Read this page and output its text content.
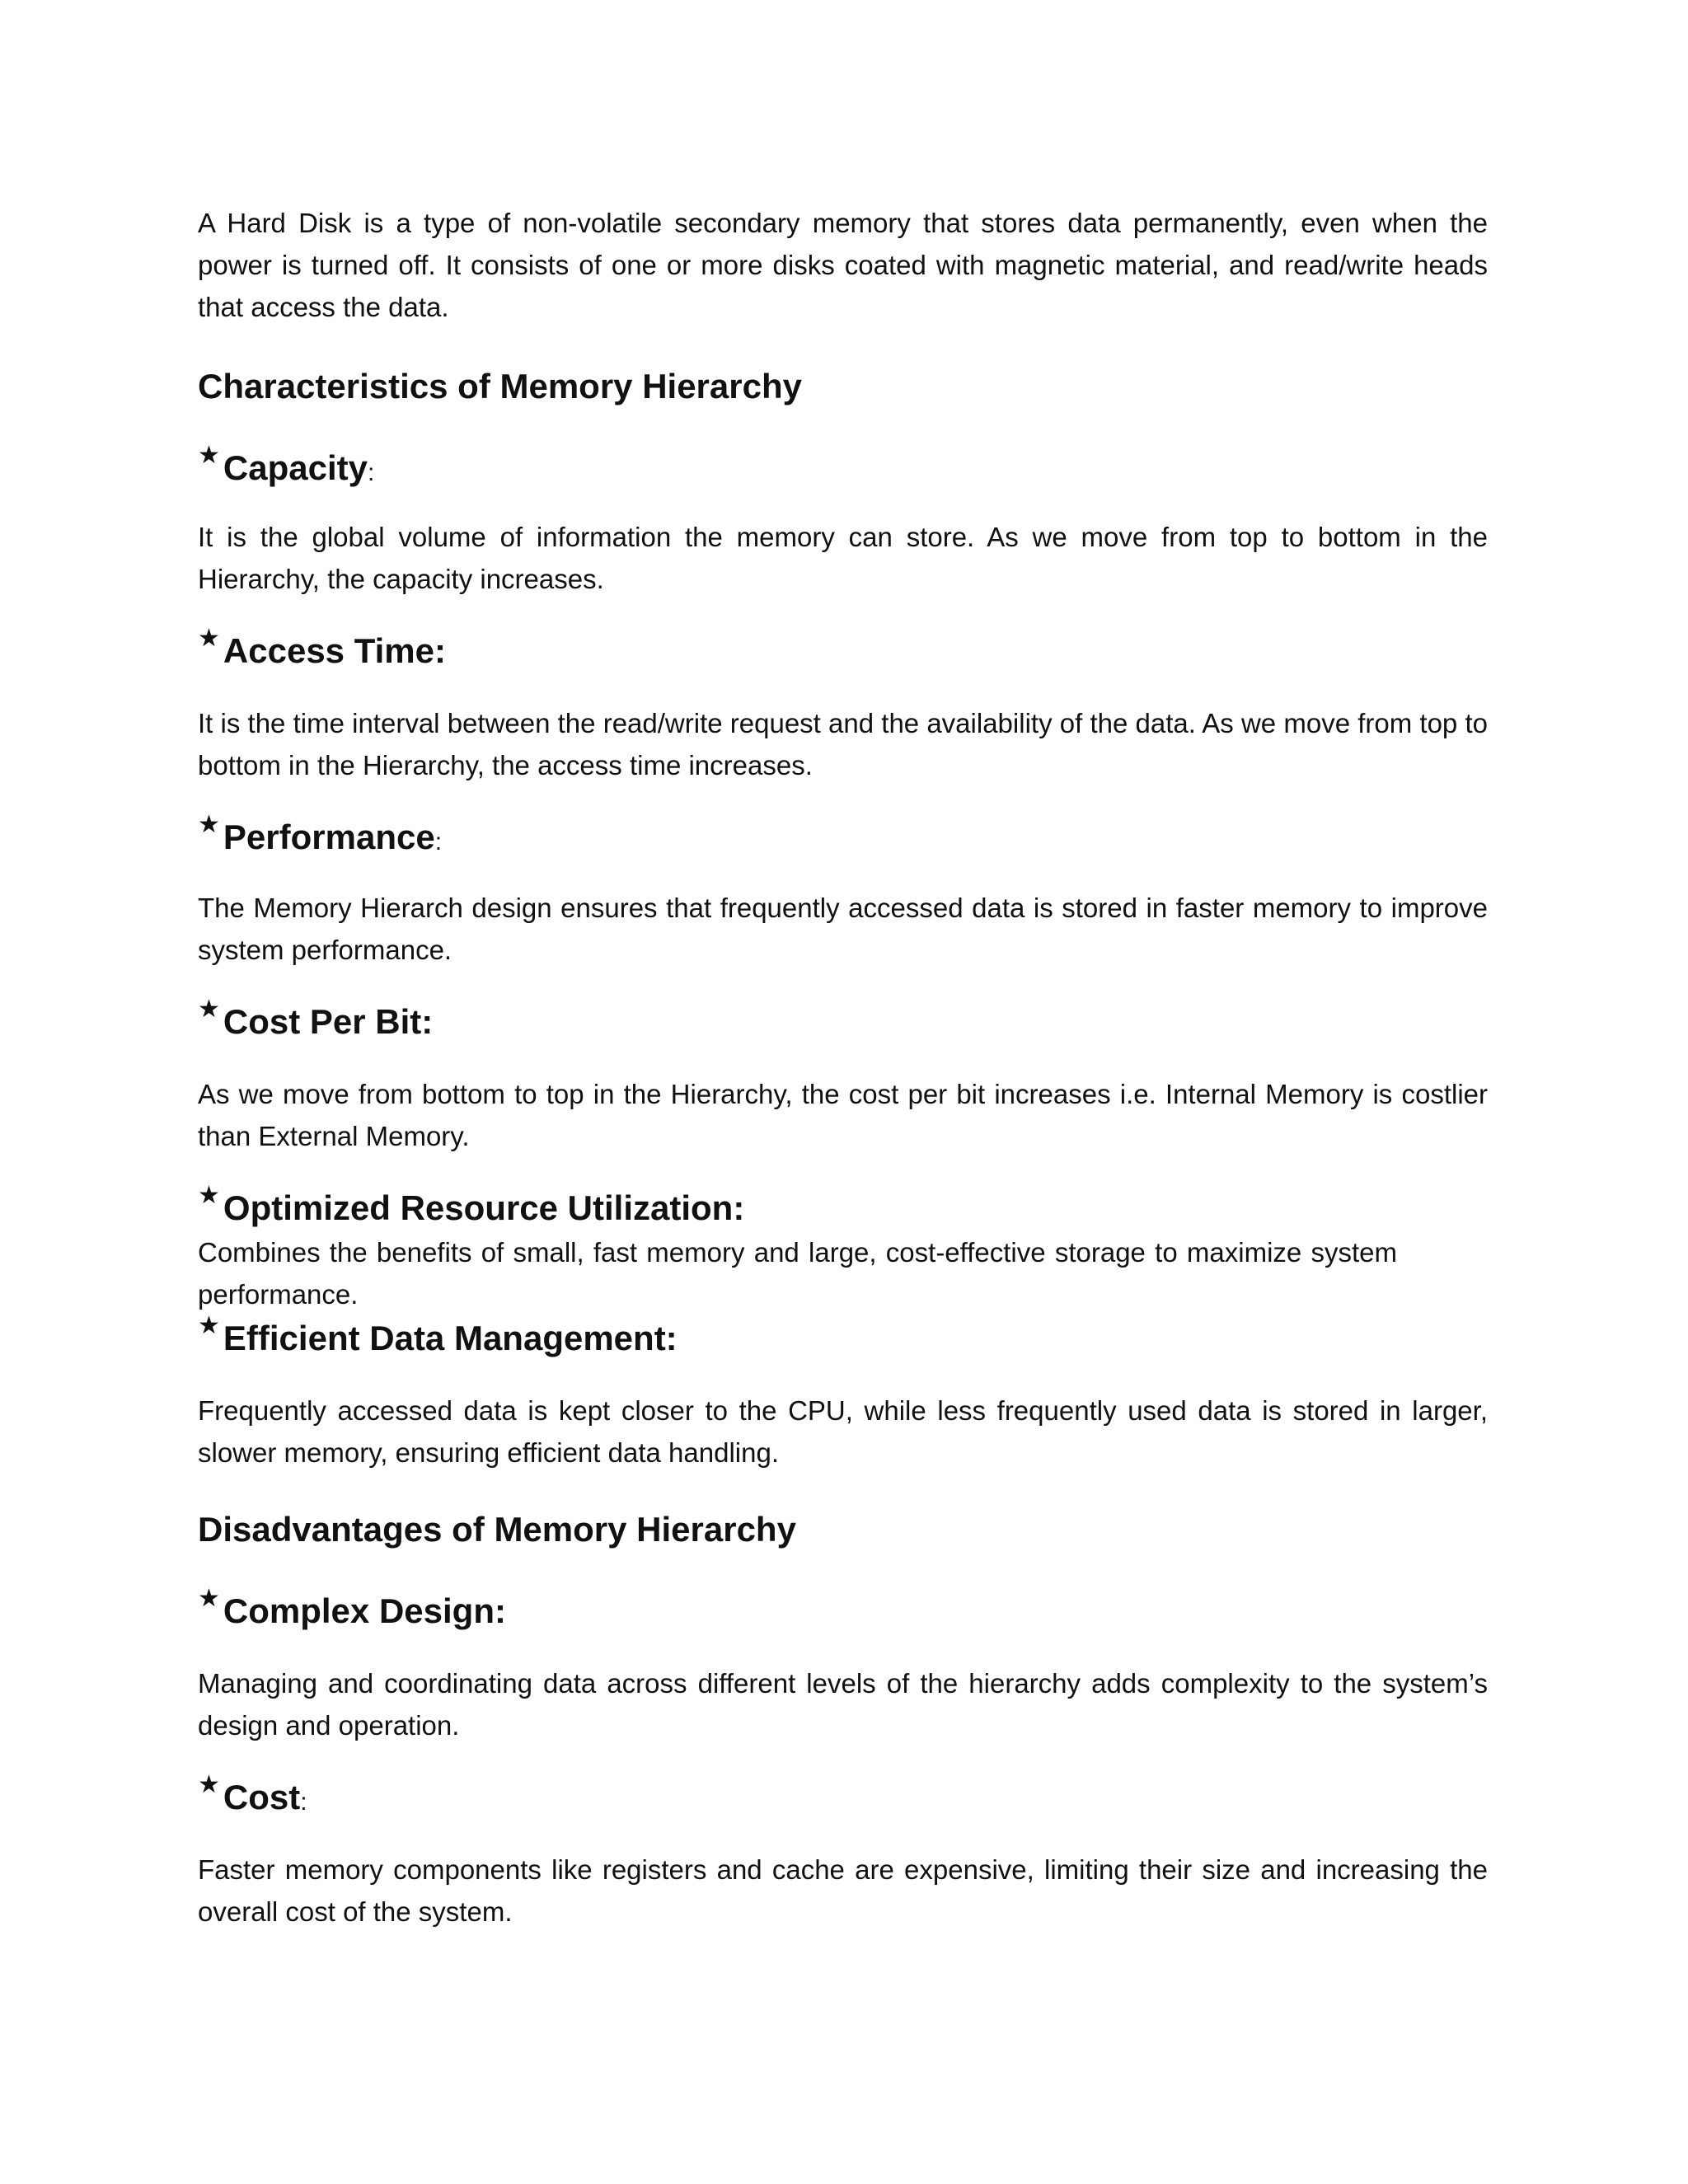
A Hard Disk is a type of non-volatile secondary memory that stores data permanently, even when the power is turned off. It consists of one or more disks coated with magnetic material, and read/write heads that access the data.

Characteristics of Memory Hierarchy
★ Capacity :

It is the global volume of information the memory can store. As we move from top to bottom in the Hierarchy, the capacity increases.

★ Access Time:

It is the time interval between the read/write request and the availability of the data. As we move from top to bottom in the Hierarchy, the access time increases.

★ Performance :

The Memory Hierarch design ensures that frequently accessed data is stored in faster memory to improve system performance.

★ Cost Per Bit:

As we move from bottom to top in the Hierarchy, the cost per bit increases i.e. Internal Memory is costlier than External Memory.

★ Optimized Resource Utilization:

Combines the benefits of small, fast memory and large, cost-effective storage to maximize system performance.

★ Efficient Data Management:

Frequently accessed data is kept closer to the CPU, while less frequently used data is stored in larger, slower memory, ensuring efficient data handling.

Disadvantages of Memory Hierarchy
★ Complex Design:

Managing and coordinating data across different levels of the hierarchy adds complexity to the system’s design and operation.

★ Cost :

Faster memory components like registers and cache are expensive, limiting their size and increasing the overall cost of the system.
